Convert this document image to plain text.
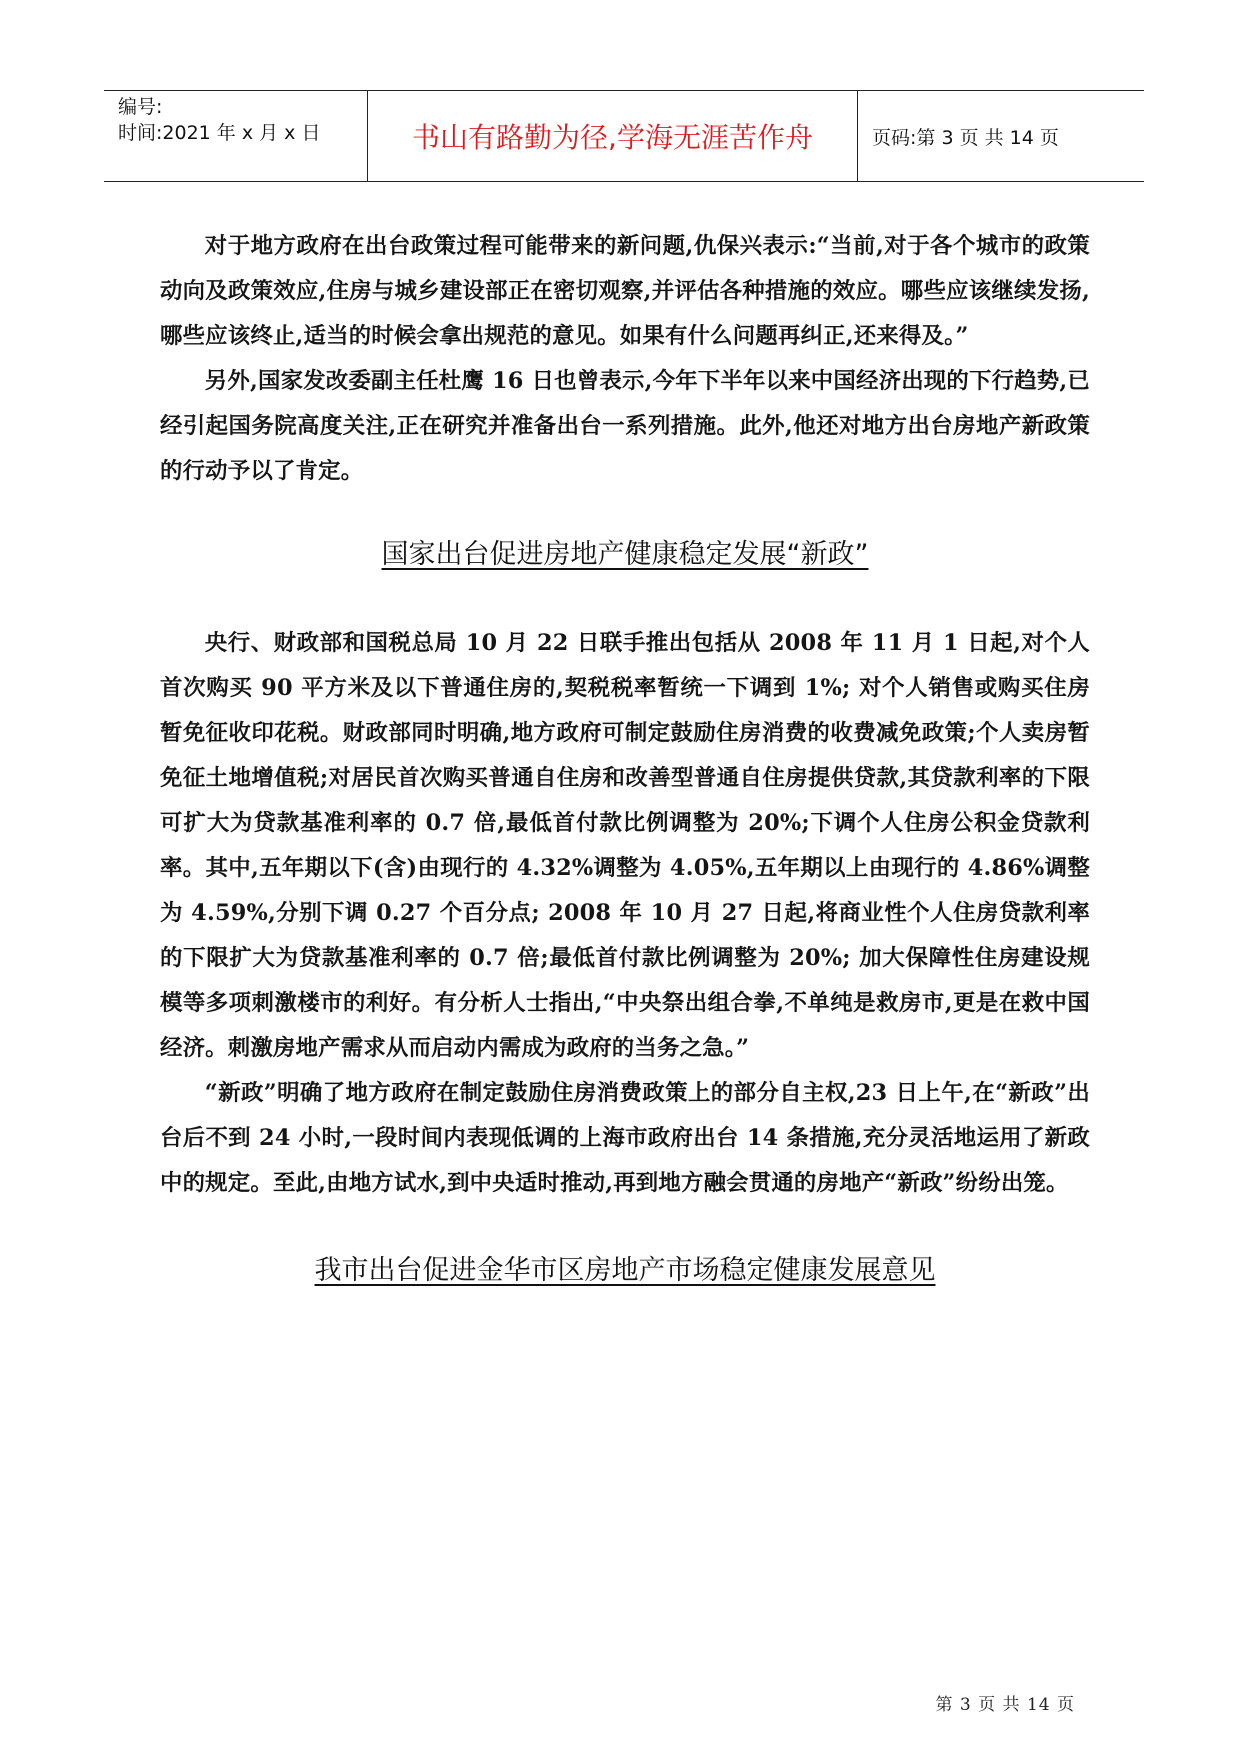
编号:
时间:2021 年 x 月 x 日	书山有路勤为径,学海无涯苦作舟	页码:第 3 页 共 14 页

对于地方政府在出台政策过程可能带来的新问题,仇保兴表示:“当前,对于各个城市的政策动向及政策效应,住房与城乡建设部正在密切观察,并评估各种措施的效应。哪些应该继续发扬,哪些应该终止,适当的时候会拿出规范的意见。如果有什么问题再纠正,还来得及。”

另外,国家发改委副主任杜鹰 16 日也曾表示,今年下半年以来中国经济出现的下行趋势,已经引起国务院高度关注,正在研究并准备出台一系列措施。此外,他还对地方出台房地产新政策的行动予以了肯定。

国家出台促进房地产健康稳定发展“新政”

央行、财政部和国税总局 10 月 22 日联手推出包括从 2008 年 11 月 1 日起,对个人首次购买 90 平方米及以下普通住房的,契税税率暂统一下调到 1%; 对个人销售或购买住房暂免征收印花税。财政部同时明确,地方政府可制定鼓励住房消费的收费减免政策;个人卖房暂免征土地增值税;对居民首次购买普通自住房和改善型普通自住房提供贷款,其贷款利率的下限可扩大为贷款基准利率的 0.7 倍,最低首付款比例调整为 20%;下调个人住房公积金贷款利率。其中,五年期以下(含)由现行的 4.32%调整为 4.05%,五年期以上由现行的 4.86%调整为 4.59%,分别下调 0.27 个百分点; 2008 年 10 月 27 日起,将商业性个人住房贷款利率的下限扩大为贷款基准利率的 0.7 倍;最低首付款比例调整为 20%; 加大保障性住房建设规模等多项刺激楼市的利好。有分析人士指出,“中央祭出组合拳,不单纯是救房市,更是在救中国经济。刺激房地产需求从而启动内需成为政府的当务之急。”

“新政”明确了地方政府在制定鼓励住房消费政策上的部分自主权,23 日上午,在“新政”出台后不到 24 小时,一段时间内表现低调的上海市政府出台 14 条措施,充分灵活地运用了新政中的规定。至此,由地方试水,到中央适时推动,再到地方融会贯通的房地产“新政”纷纷出笼。

我市出台促进金华市区房地产市场稳定健康发展意见
第 3 页 共 14 页
